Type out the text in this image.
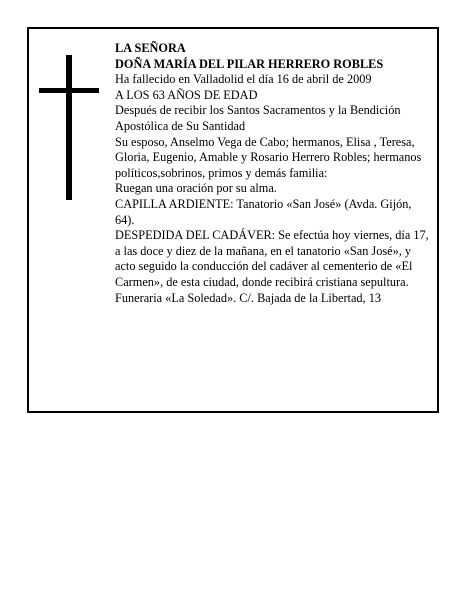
LA SEÑORA

DOÑA MARÍA DEL PILAR HERRERO ROBLES

Ha fallecido en Valladolid el día 16 de abril de 2009

A LOS 63 AÑOS DE EDAD

Después de recibir los Santos Sacramentos y la Bendición Apostólica de Su Santidad

Su esposo, Anselmo Vega de Cabo; hermanos, Elisa , Teresa, Gloria, Eugenio, Amable y Rosario Herrero Robles; hermanos políticos,sobrinos, primos y demás familia:

Ruegan una oración por su alma.

CAPILLA ARDIENTE: Tanatorio «San José» (Avda. Gijón, 64).

DESPEDIDA DEL CADÁVER: Se efectúa hoy viernes, día 17, a las doce y diez de la mañana, en el tanatorio «San José», y acto seguido la conducción del cadáver al cementerio de «El Carmen», de esta ciudad, donde recibirá cristiana sepultura.

Funeraria «La Soledad». C/. Bajada de la Libertad, 13
